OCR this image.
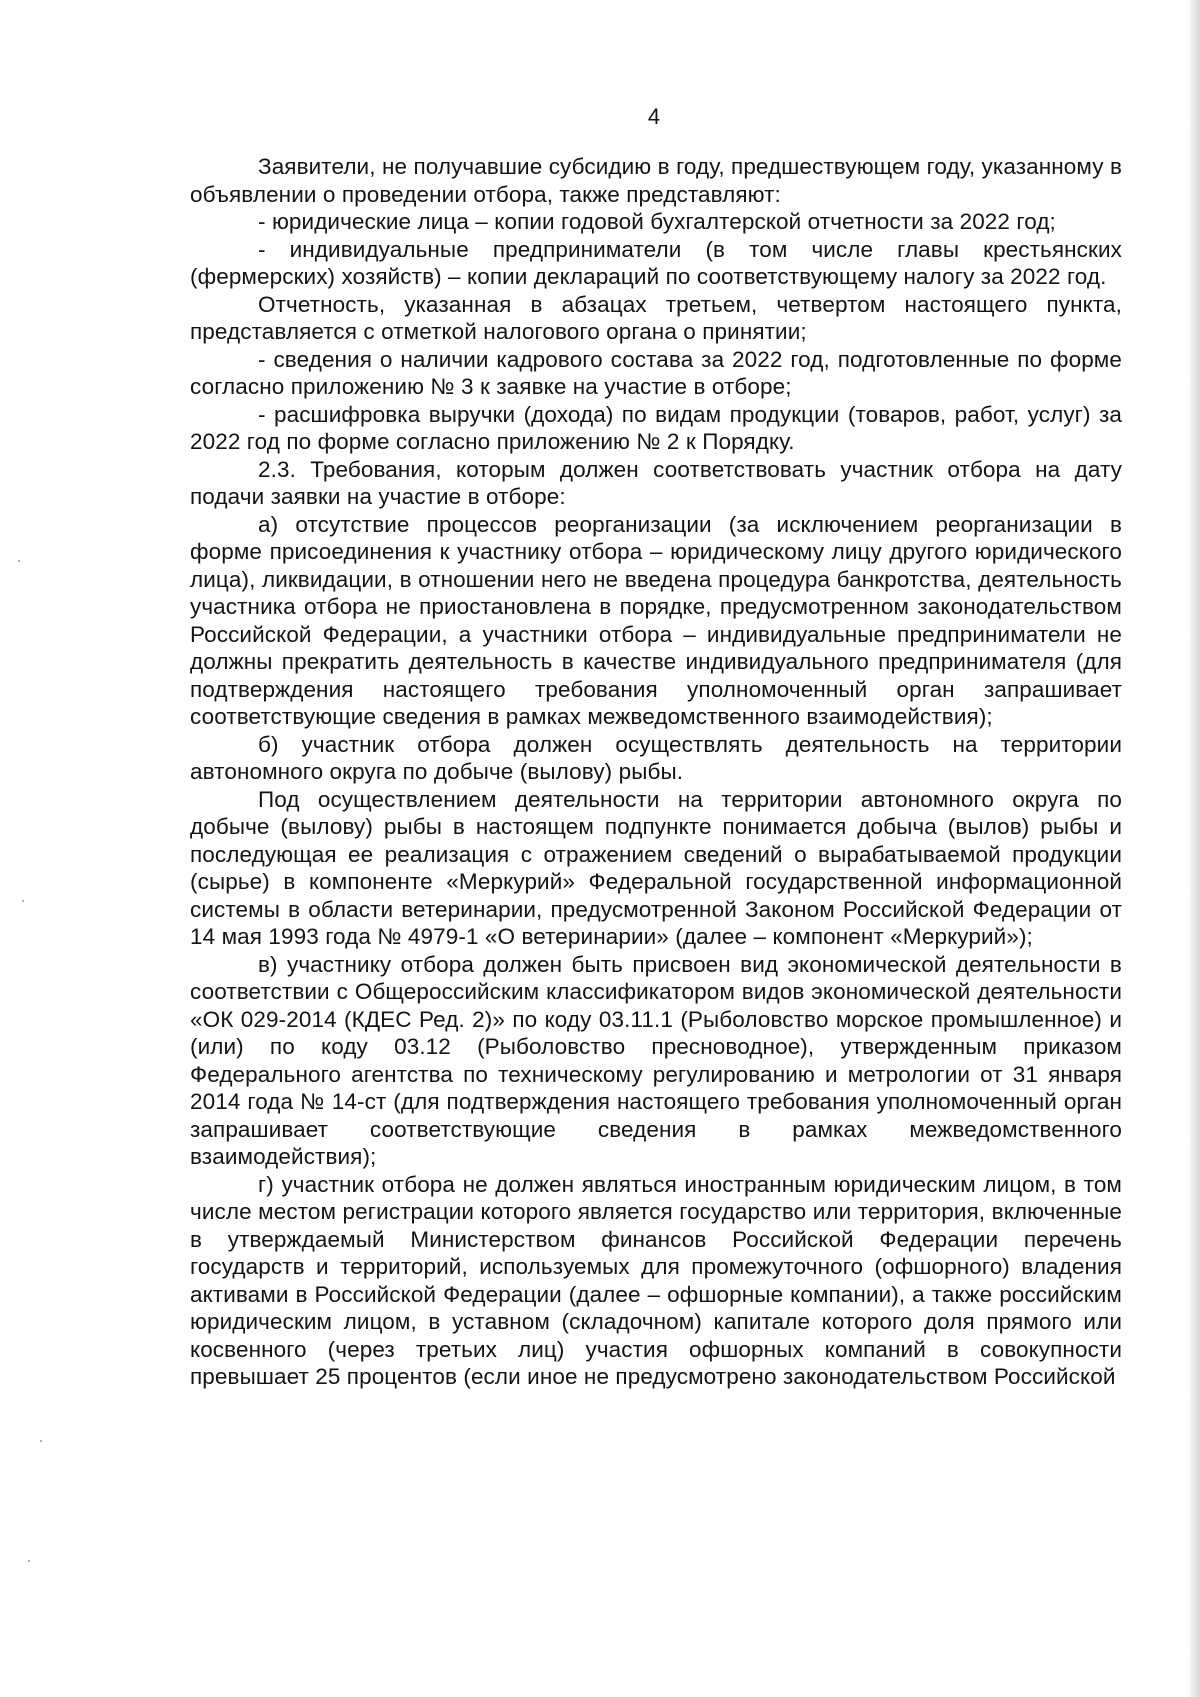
4

Заявители, не получавшие субсидию в году, предшествующем году, указанному в объявлении о проведении отбора, также представляют:

- юридические лица – копии годовой бухгалтерской отчетности за 2022 год;

- индивидуальные предприниматели (в том числе главы крестьянских (фермерских) хозяйств) – копии деклараций по соответствующему налогу за 2022 год.

Отчетность, указанная в абзацах третьем, четвертом настоящего пункта, представляется с отметкой налогового органа о принятии;

- сведения о наличии кадрового состава за 2022 год, подготовленные по форме согласно приложению № 3 к заявке на участие в отборе;

- расшифровка выручки (дохода) по видам продукции (товаров, работ, услуг) за 2022 год по форме согласно приложению № 2 к Порядку.

2.3. Требования, которым должен соответствовать участник отбора на дату подачи заявки на участие в отборе:

а) отсутствие процессов реорганизации (за исключением реорганизации в форме присоединения к участнику отбора – юридическому лицу другого юридического лица), ликвидации, в отношении него не введена процедура банкротства, деятельность участника отбора не приостановлена в порядке, предусмотренном законодательством Российской Федерации, а участники отбора – индивидуальные предприниматели не должны прекратить деятельность в качестве индивидуального предпринимателя (для подтверждения настоящего требования уполномоченный орган запрашивает соответствующие сведения в рамках межведомственного взаимодействия);

б) участник отбора должен осуществлять деятельность на территории автономного округа по добыче (вылову) рыбы.

Под осуществлением деятельности на территории автономного округа по добыче (вылову) рыбы в настоящем подпункте понимается добыча (вылов) рыбы и последующая ее реализация с отражением сведений о вырабатываемой продукции (сырье) в компоненте «Меркурий» Федеральной государственной информационной системы в области ветеринарии, предусмотренной Законом Российской Федерации от 14 мая 1993 года № 4979-1 «О ветеринарии» (далее – компонент «Меркурий»);

в) участнику отбора должен быть присвоен вид экономической деятельности в соответствии с Общероссийским классификатором видов экономической деятельности «ОК 029-2014 (КДЕС Ред. 2)» по коду 03.11.1 (Рыболовство морское промышленное) и (или) по коду 03.12 (Рыболовство пресноводное), утвержденным приказом Федерального агентства по техническому регулированию и метрологии от 31 января 2014 года № 14-ст (для подтверждения настоящего требования уполномоченный орган запрашивает соответствующие сведения в рамках межведомственного взаимодействия);

г) участник отбора не должен являться иностранным юридическим лицом, в том числе местом регистрации которого является государство или территория, включенные в утверждаемый Министерством финансов Российской Федерации перечень государств и территорий, используемых для промежуточного (офшорного) владения активами в Российской Федерации (далее – офшорные компании), а также российским юридическим лицом, в уставном (складочном) капитале которого доля прямого или косвенного (через третьих лиц) участия офшорных компаний в совокупности превышает 25 процентов (если иное не предусмотрено законодательством Российской
